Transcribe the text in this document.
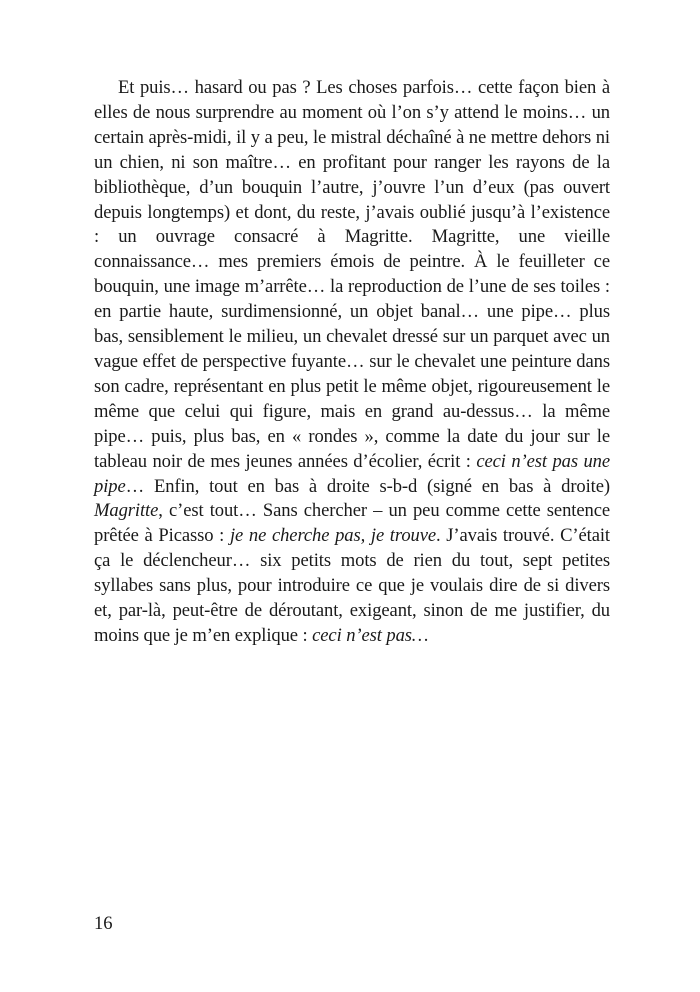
Et puis… hasard ou pas ? Les choses parfois… cette façon bien à elles de nous surprendre au moment où l’on s’y attend le moins… un certain après-midi, il y a peu, le mistral déchaîné à ne mettre dehors ni un chien, ni son maître… en profitant pour ranger les rayons de la bibliothèque, d’un bouquin l’autre, j’ouvre l’un d’eux (pas ouvert depuis longtemps) et dont, du reste, j’avais oublié jusqu’à l’existence : un ouvrage consacré à Magritte. Magritte, une vieille connaissance… mes premiers émois de peintre. À le feuilleter ce bouquin, une image m’arrête… la reproduction de l’une de ses toiles : en partie haute, surdimensionné, un objet banal… une pipe… plus bas, sensiblement le milieu, un chevalet dressé sur un parquet avec un vague effet de perspective fuyante… sur le chevalet une peinture dans son cadre, représentant en plus petit le même objet, rigoureusement le même que celui qui figure, mais en grand au-dessus… la même pipe… puis, plus bas, en « rondes », comme la date du jour sur le tableau noir de mes jeunes années d’écolier, écrit : ceci n’est pas une pipe… Enfin, tout en bas à droite s-b-d (signé en bas à droite) Magritte, c’est tout… Sans chercher – un peu comme cette sentence prêtée à Picasso : je ne cherche pas, je trouve. J’avais trouvé. C’était ça le déclencheur… six petits mots de rien du tout, sept petites syllabes sans plus, pour introduire ce que je voulais dire de si divers et, par-là, peut-être de déroutant, exigeant, sinon de me justifier, du moins que je m’en explique : ceci n’est pas…

16
